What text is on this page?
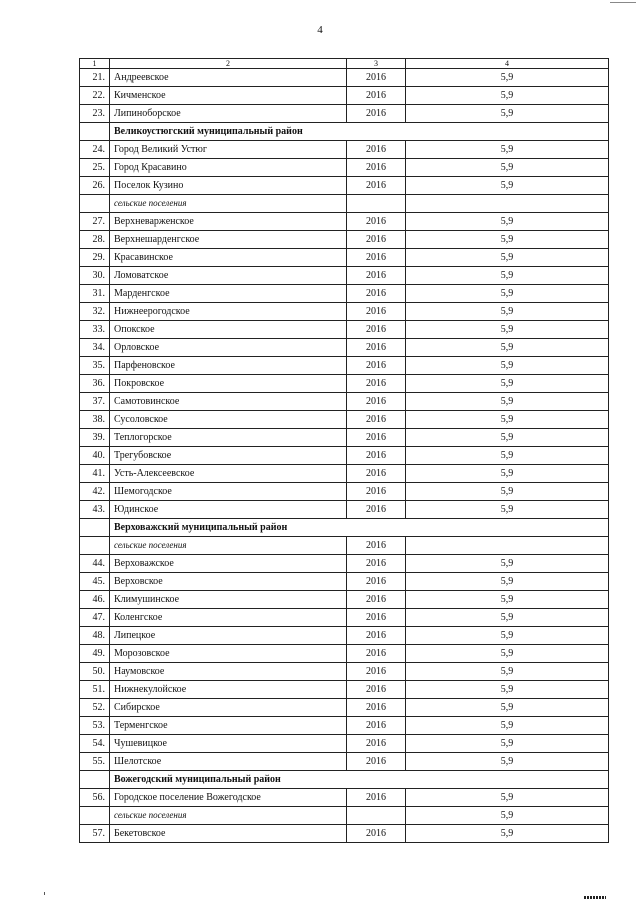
4
1	2	3	4
21.	Андреевское	2016	5,9
22.	Кичменское	2016	5,9
23.	Липиноборское	2016	5,9
	Великоустюгский муниципальный район		
24.	Город Великий Устюг	2016	5,9
25.	Город Красавино	2016	5,9
26.	Поселок Кузино	2016	5,9
	сельские поселения		
27.	Верхневарженское	2016	5,9
28.	Верхнешарденгское	2016	5,9
29.	Красавинское	2016	5,9
30.	Ломоватское	2016	5,9
31.	Марденгское	2016	5,9
32.	Нижнеерогодское	2016	5,9
33.	Опокское	2016	5,9
34.	Орловское	2016	5,9
35.	Парфеновское	2016	5,9
36.	Покровское	2016	5,9
37.	Самотовинское	2016	5,9
38.	Сусоловское	2016	5,9
39.	Теплогорское	2016	5,9
40.	Трегубовское	2016	5,9
41.	Усть-Алексеевское	2016	5,9
42.	Шемогодское	2016	5,9
43.	Юдинское	2016	5,9
	Верховажский муниципальный район		
	сельские поселения	2016	
44.	Верховажское	2016	5,9
45.	Верховское	2016	5,9
46.	Климушинское	2016	5,9
47.	Коленгское	2016	5,9
48.	Липецкое	2016	5,9
49.	Морозовское	2016	5,9
50.	Наумовское	2016	5,9
51.	Нижнекулойское	2016	5,9
52.	Сибирское	2016	5,9
53.	Терменгское	2016	5,9
54.	Чушевицкое	2016	5,9
55.	Шелотское	2016	5,9
	Вожегодский муниципальный район		
56.	Городское поселение Вожегодское	2016	5,9
	сельские поселения		5,9
57.	Бекетовское	2016	5,9
